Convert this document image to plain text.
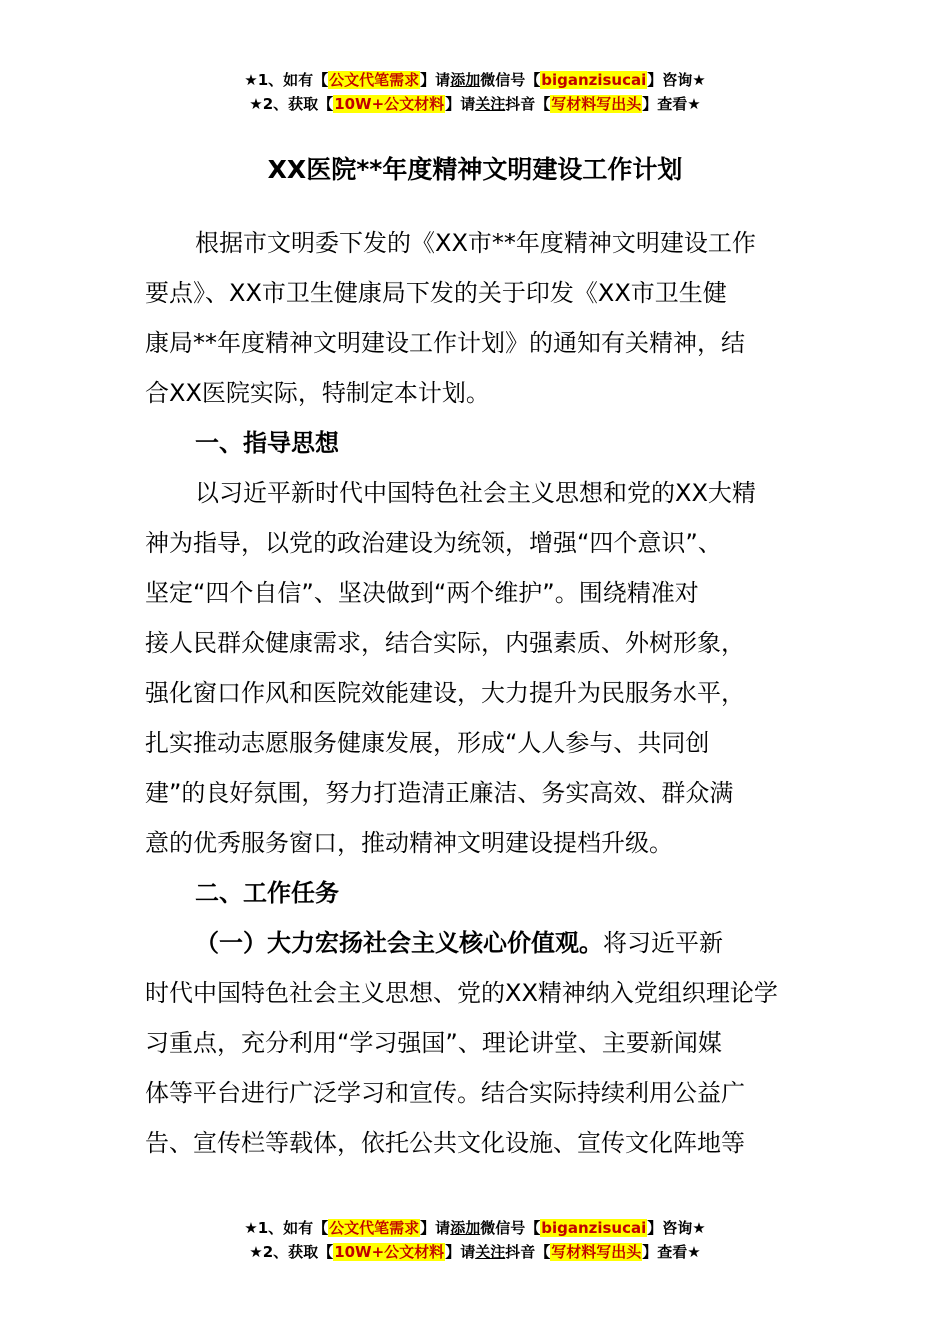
★1、如有【公文代笔需求】请添加微信号【biganzisucai】咨询★
★2、获取【10W+公文材料】请关注抖音【写材料写出头】查看★
XX医院**年度精神文明建设工作计划
根据市文明委下发的《XX市**年度精神文明建设工作
要点》、XX市卫生健康局下发的关于印发《XX市卫生健
康局**年度精神文明建设工作计划》的通知有关精神，结
合XX医院实际，特制定本计划。
一、指导思想
以习近平新时代中国特色社会主义思想和党的XX大精
神为指导，以党的政治建设为统领，增强“四个意识”、
坚定“四个自信”、坚决做到“两个维护”。围绕精准对
接人民群众健康需求，结合实际，内强素质、外树形象，
强化窗口作风和医院效能建设，大力提升为民服务水平，
扎实推动志愿服务健康发展，形成“人人参与、共同创
建”的良好氛围，努力打造清正廉洁、务实高效、群众满
意的优秀服务窗口，推动精神文明建设提档升级。
二、工作任务
（一）大力宏扬社会主义核心价值观。将习近平新
时代中国特色社会主义思想、党的XX精神纳入党组织理论学
习重点，充分利用“学习强国”、理论讲堂、主要新闻媒
体等平台进行广泛学习和宣传。结合实际持续利用公益广
告、宣传栏等载体，依托公共文化设施、宣传文化阵地等
★1、如有【公文代笔需求】请添加微信号【biganzisucai】咨询★
★2、获取【10W+公文材料】请关注抖音【写材料写出头】查看★
